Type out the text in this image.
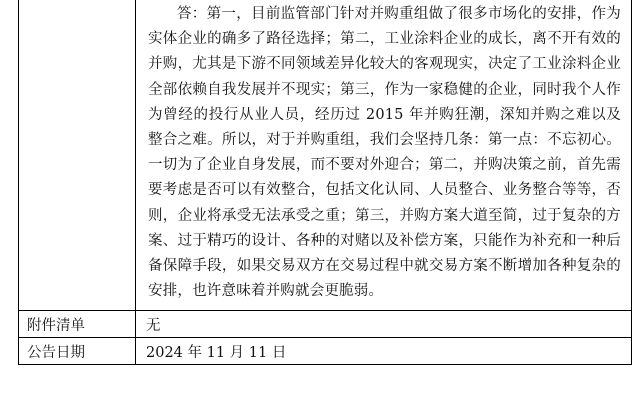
	答：第一，目前监管部门针对并购重组做了很多市场化的安排，作为实体企业的确多了路径选择；第二，工业涂料企业的成长，离不开有效的并购，尤其是下游不同领域差异化较大的客观现实，决定了工业涂料企业全部依赖自我发展并不现实；第三，作为一家稳健的企业，同时我个人作为曾经的投行从业人员，经历过 2015 年并购狂潮，深知并购之难以及整合之难。所以，对于并购重组，我们会坚持几条：第一点：不忘初心。一切为了企业自身发展，而不要对外迎合；第二，并购决策之前，首先需要考虑是否可以有效整合，包括文化认同、人员整合、业务整合等等，否则，企业将承受无法承受之重；第三，并购方案大道至简，过于复杂的方案、过于精巧的设计、各种的对赌以及补偿方案，只能作为补充和一种后备保障手段，如果交易双方在交易过程中就交易方案不断增加各种复杂的安排，也许意味着并购就会更脆弱。

附件清单	无
公告日期	2024 年 11 月 11 日
